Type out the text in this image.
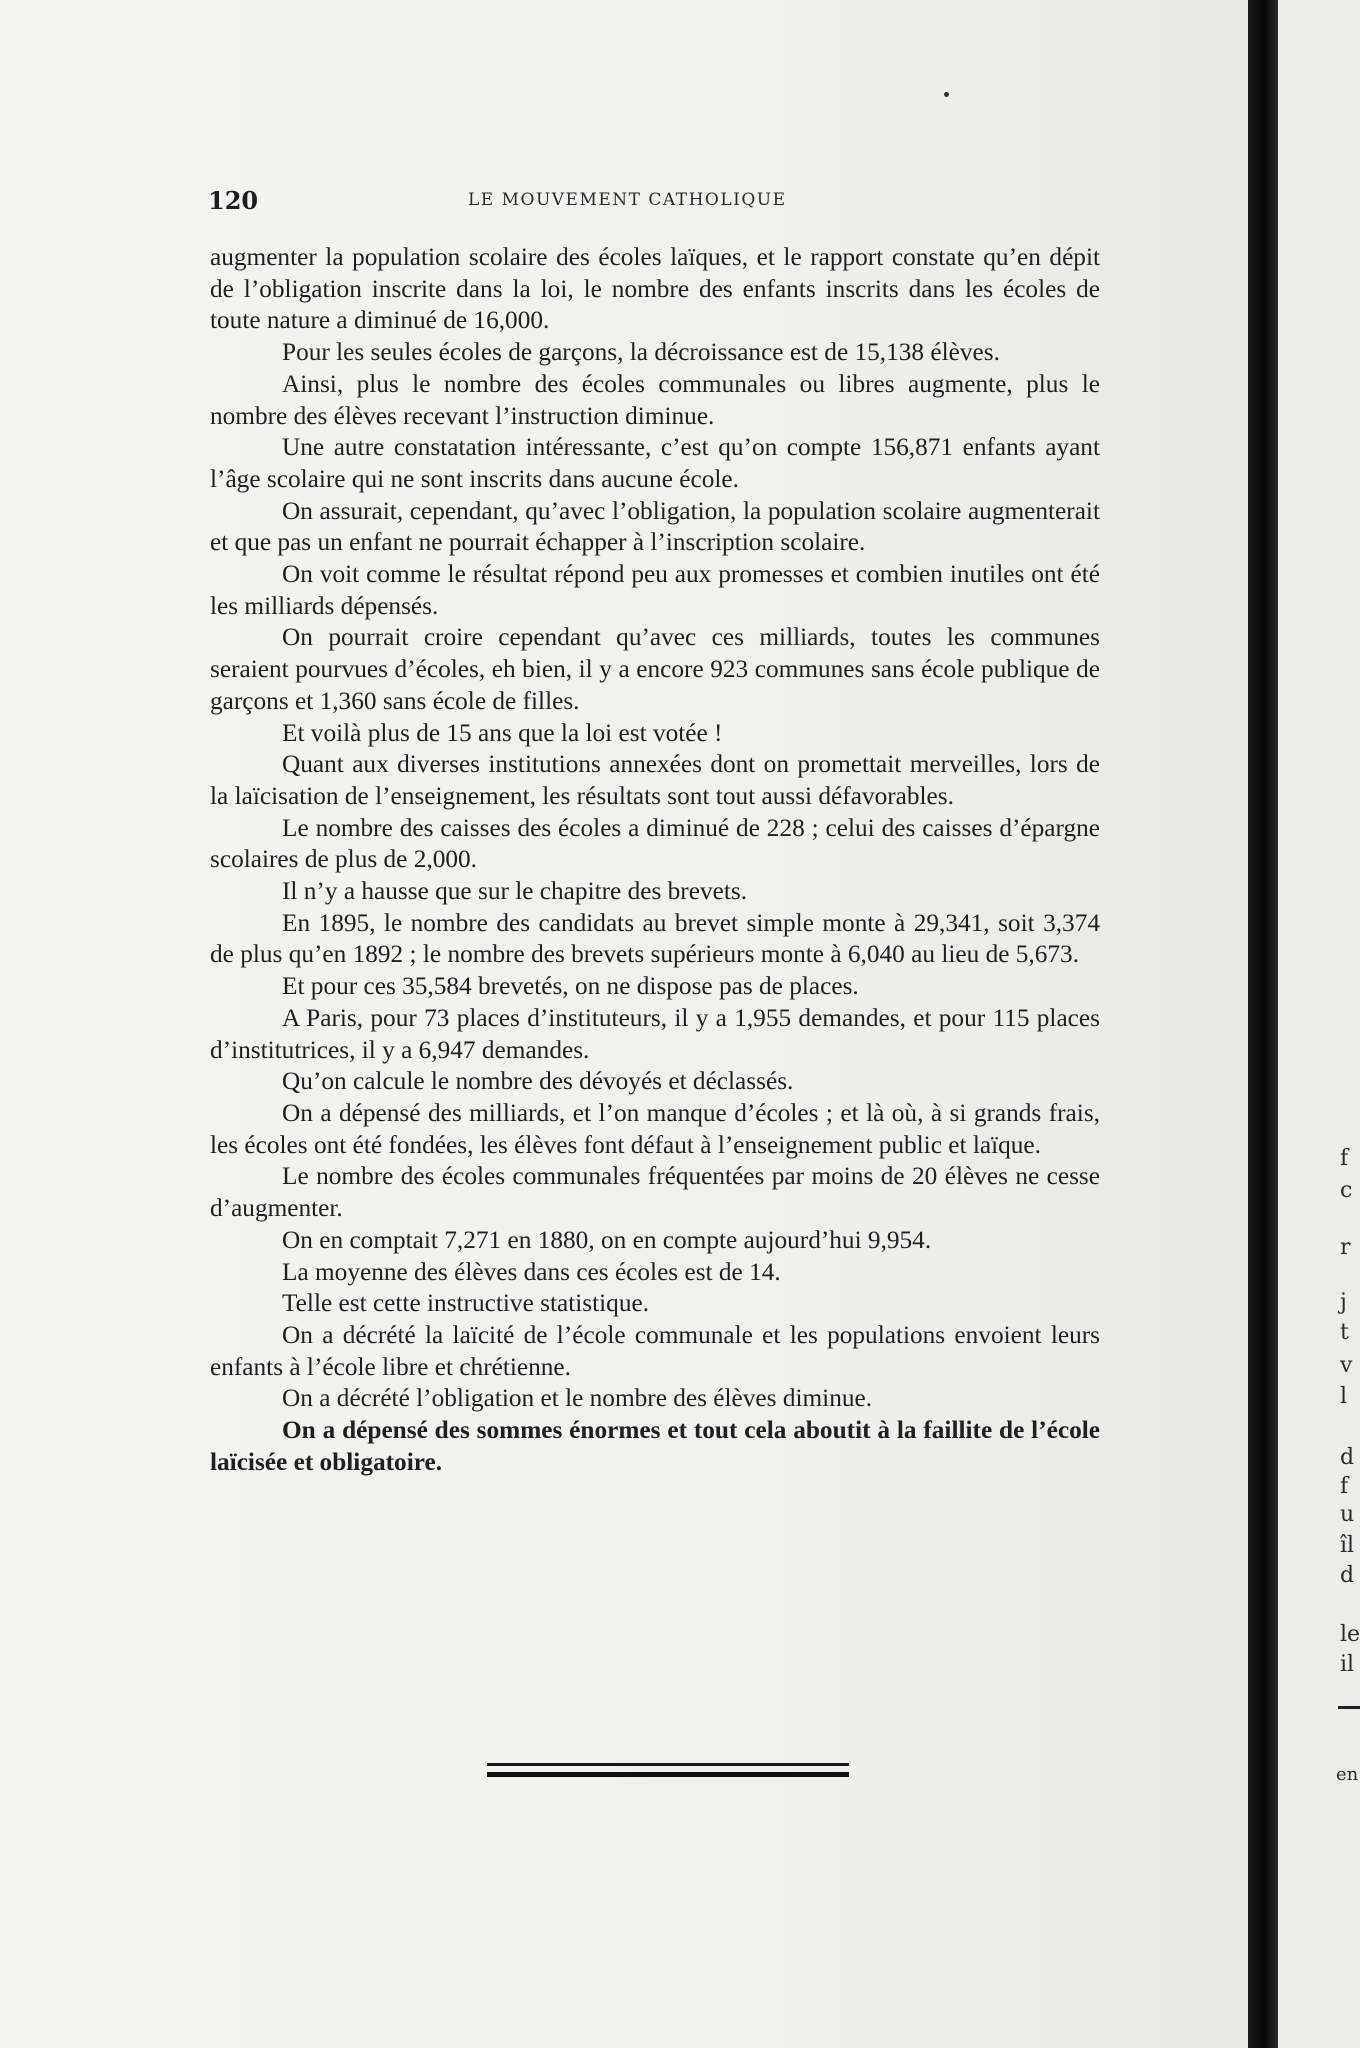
120	LE MOUVEMENT CATHOLIQUE

augmenter la population scolaire des écoles laïques, et le rapport constate qu’en dépit de l’obligation inscrite dans la loi, le nombre des enfants inscrits dans les écoles de toute nature a diminué de 16,000.

Pour les seules écoles de garçons, la décroissance est de 15,138 élèves.

Ainsi, plus le nombre des écoles communales ou libres augmente, plus le nombre des élèves recevant l’instruction diminue.

Une autre constatation intéressante, c’est qu’on compte 156,871 enfants ayant l’âge scolaire qui ne sont inscrits dans aucune école.

On assurait, cependant, qu’avec l’obligation, la population scolaire augmenterait et que pas un enfant ne pourrait échapper à l’inscription scolaire.

On voit comme le résultat répond peu aux promesses et combien inutiles ont été les milliards dépensés.

On pourrait croire cependant qu’avec ces milliards, toutes les communes seraient pourvues d’écoles, eh bien, il y a encore 923 communes sans école publique de garçons et 1,360 sans école de filles.

Et voilà plus de 15 ans que la loi est votée !

Quant aux diverses institutions annexées dont on promettait merveilles, lors de la laïcisation de l’enseignement, les résultats sont tout aussi défavorables.

Le nombre des caisses des écoles a diminué de 228 ; celui des caisses d’épargne scolaires de plus de 2,000.

Il n’y a hausse que sur le chapitre des brevets.

En 1895, le nombre des candidats au brevet simple monte à 29,341, soit 3,374 de plus qu’en 1892 ; le nombre des brevets supérieurs monte à 6,040 au lieu de 5,673.

Et pour ces 35,584 brevetés, on ne dispose pas de places.

A Paris, pour 73 places d’instituteurs, il y a 1,955 demandes, et pour 115 places d’institutrices, il y a 6,947 demandes.

Qu’on calcule le nombre des dévoyés et déclassés.

On a dépensé des milliards, et l’on manque d’écoles ; et là où, à si grands frais, les écoles ont été fondées, les élèves font défaut à l’enseignement public et laïque.

Le nombre des écoles communales fréquentées par moins de 20 élèves ne cesse d’augmenter.

On en comptait 7,271 en 1880, on en compte aujourd’hui 9,954.

La moyenne des élèves dans ces écoles est de 14.

Telle est cette instructive statistique.

On a décrété la laïcité de l’école communale et les populations envoient leurs enfants à l’école libre et chrétienne.

On a décrété l’obligation et le nombre des élèves diminue.

On a dépensé des sommes énormes et tout cela aboutit à la faillite de l’école laïcisée et obligatoire.

f
c
r
j
t
v
l
d
f
u
îl
d
le
il
en
